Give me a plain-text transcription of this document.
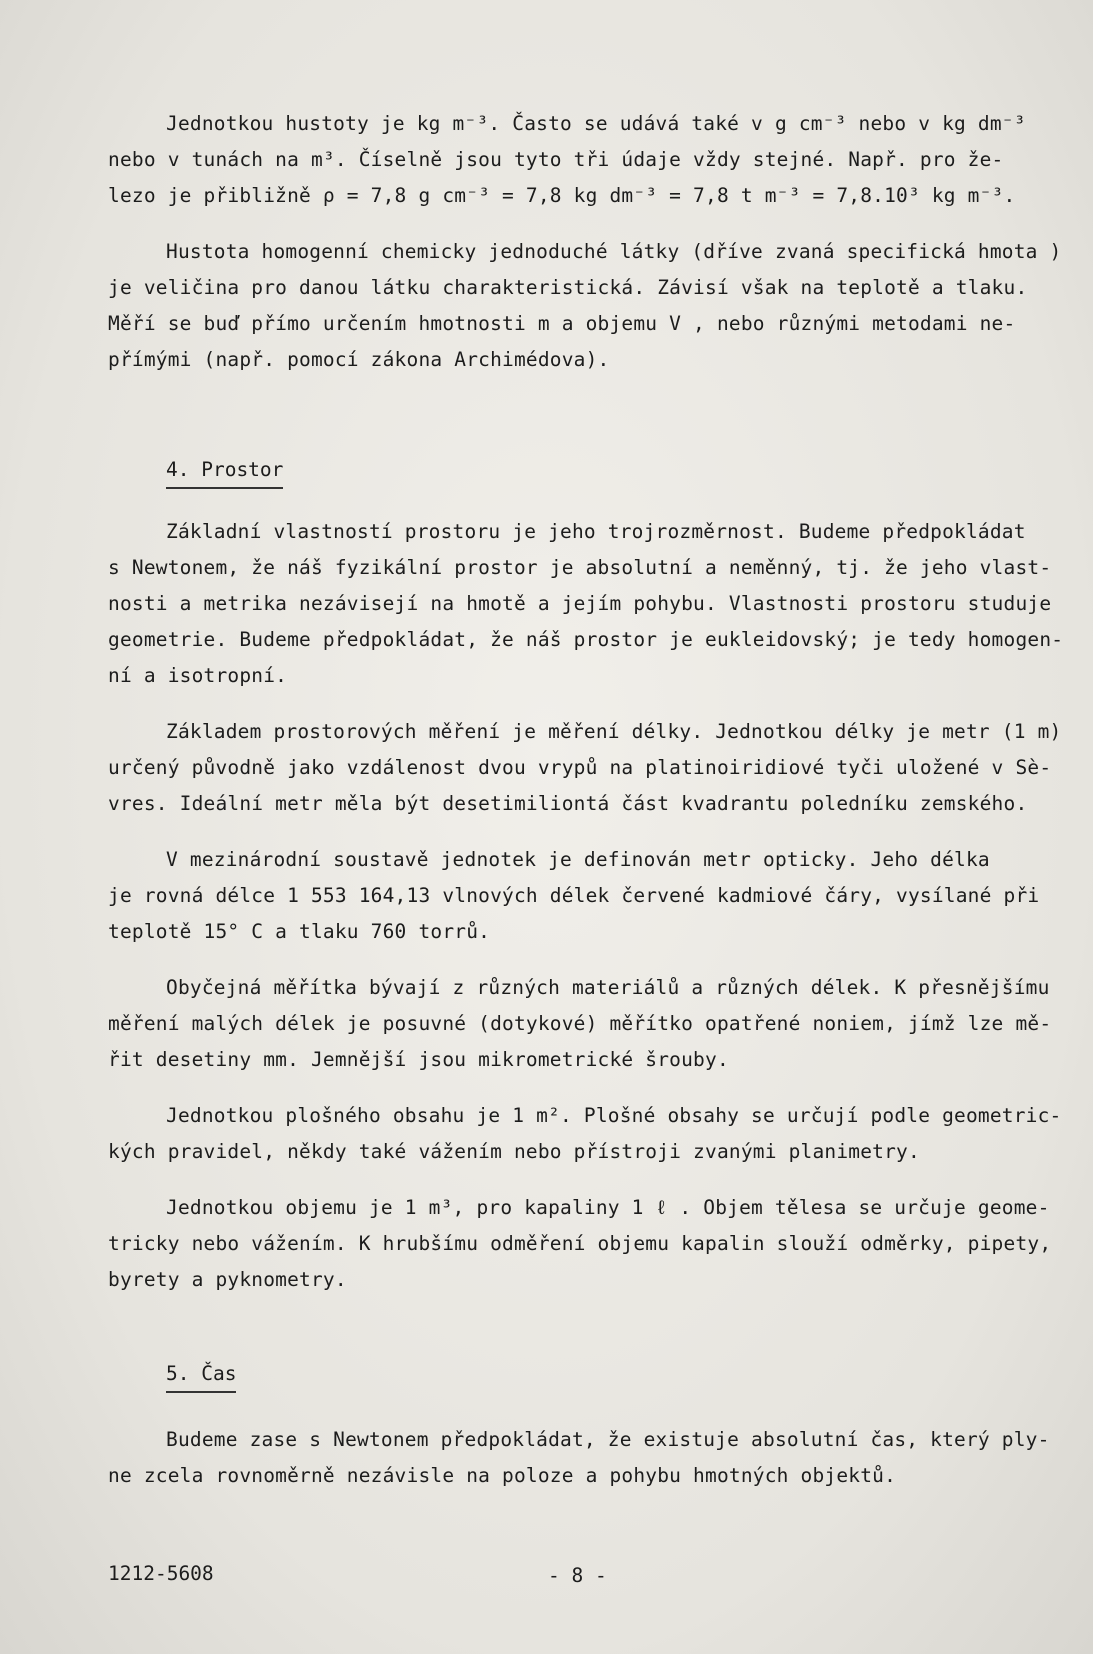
Jednotkou hustoty je kg m⁻³. Často se udává také v g cm⁻³ nebo v kg dm⁻³
nebo v tunách na m³. Číselně jsou tyto tři údaje vždy stejné. Např. pro že-
lezo je přibližně ρ = 7,8 g cm⁻³ = 7,8 kg dm⁻³ = 7,8 t m⁻³ = 7,8.10³ kg m⁻³.
Hustota homogenní chemicky jednoduché látky (dříve zvaná specifická hmota )
je veličina pro danou látku charakteristická. Závisí však na teplotě a tlaku.
Měří se buď přímo určením hmotnosti m a objemu V , nebo různými metodami ne-
přímými (např. pomocí zákona Archimédova).
4. Prostor
Základní vlastností prostoru je jeho trojrozměrnost. Budeme předpokládat
s Newtonem, že náš fyzikální prostor je absolutní a neměnný, tj. že jeho vlast-
nosti a metrika nezávisejí na hmotě a jejím pohybu. Vlastnosti prostoru studuje
geometrie. Budeme předpokládat, že náš prostor je eukleidovský; je tedy homogen-
ní a isotropní.
Základem prostorových měření je měření délky. Jednotkou délky je metr (1 m)
určený původně jako vzdálenost dvou vrypů na platinoiridiové tyči uložené v Sè-
vres. Ideální metr měla být desetimiliontá část kvadrantu poledníku zemského.
V mezinárodní soustavě jednotek je definován metr opticky. Jeho délka
je rovná délce 1 553 164,13 vlnových délek červené kadmiové čáry, vysílané při
teplotě 15° C a tlaku 760 torrů.
Obyčejná měřítka bývají z různých materiálů a různých délek. K přesnějšímu
měření malých délek je posuvné (dotykové) měřítko opatřené noniem, jímž lze mě-
řit desetiny mm. Jemnější jsou mikrometrické šrouby.
Jednotkou plošného obsahu je 1 m². Plošné obsahy se určují podle geometric-
kých pravidel, někdy také vážením nebo přístroji zvanými planimetry.
Jednotkou objemu je 1 m³, pro kapaliny 1 ℓ . Objem tělesa se určuje geome-
tricky nebo vážením. K hrubšímu odměření objemu kapalin slouží odměrky, pipety,
byrety a pyknometry.
5. Čas
Budeme zase s Newtonem předpokládat, že existuje absolutní čas, který ply-
ne zcela rovnoměrně nezávisle na poloze a pohybu hmotných objektů.
1212-5608	- 8 -
